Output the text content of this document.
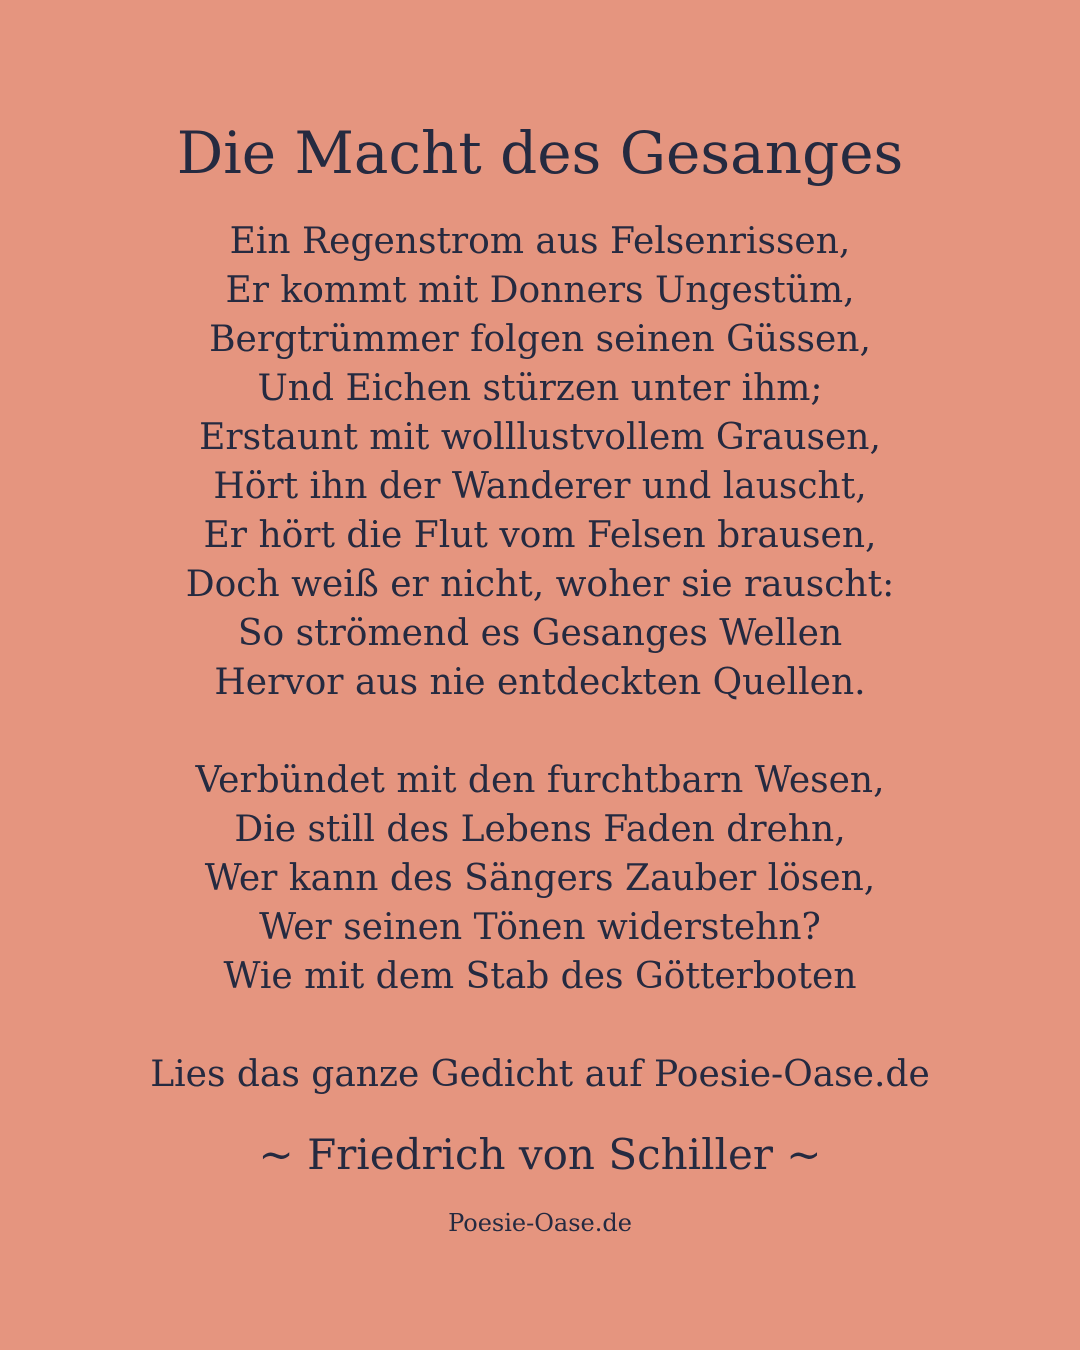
Die Macht des Gesanges
Ein Regenstrom aus Felsenrissen,
Er kommt mit Donners Ungestüm,
Bergtrümmer folgen seinen Güssen,
Und Eichen stürzen unter ihm;
Erstaunt mit wolllustvollem Grausen,
Hört ihn der Wanderer und lauscht,
Er hört die Flut vom Felsen brausen,
Doch weiß er nicht, woher sie rauscht:
So strömend es Gesanges Wellen
Hervor aus nie entdeckten Quellen.
Verbündet mit den furchtbarn Wesen,
Die still des Lebens Faden drehn,
Wer kann des Sängers Zauber lösen,
Wer seinen Tönen widerstehn?
Wie mit dem Stab des Götterboten
Lies das ganze Gedicht auf Poesie-Oase.de
~ Friedrich von Schiller ~
Poesie-Oase.de
